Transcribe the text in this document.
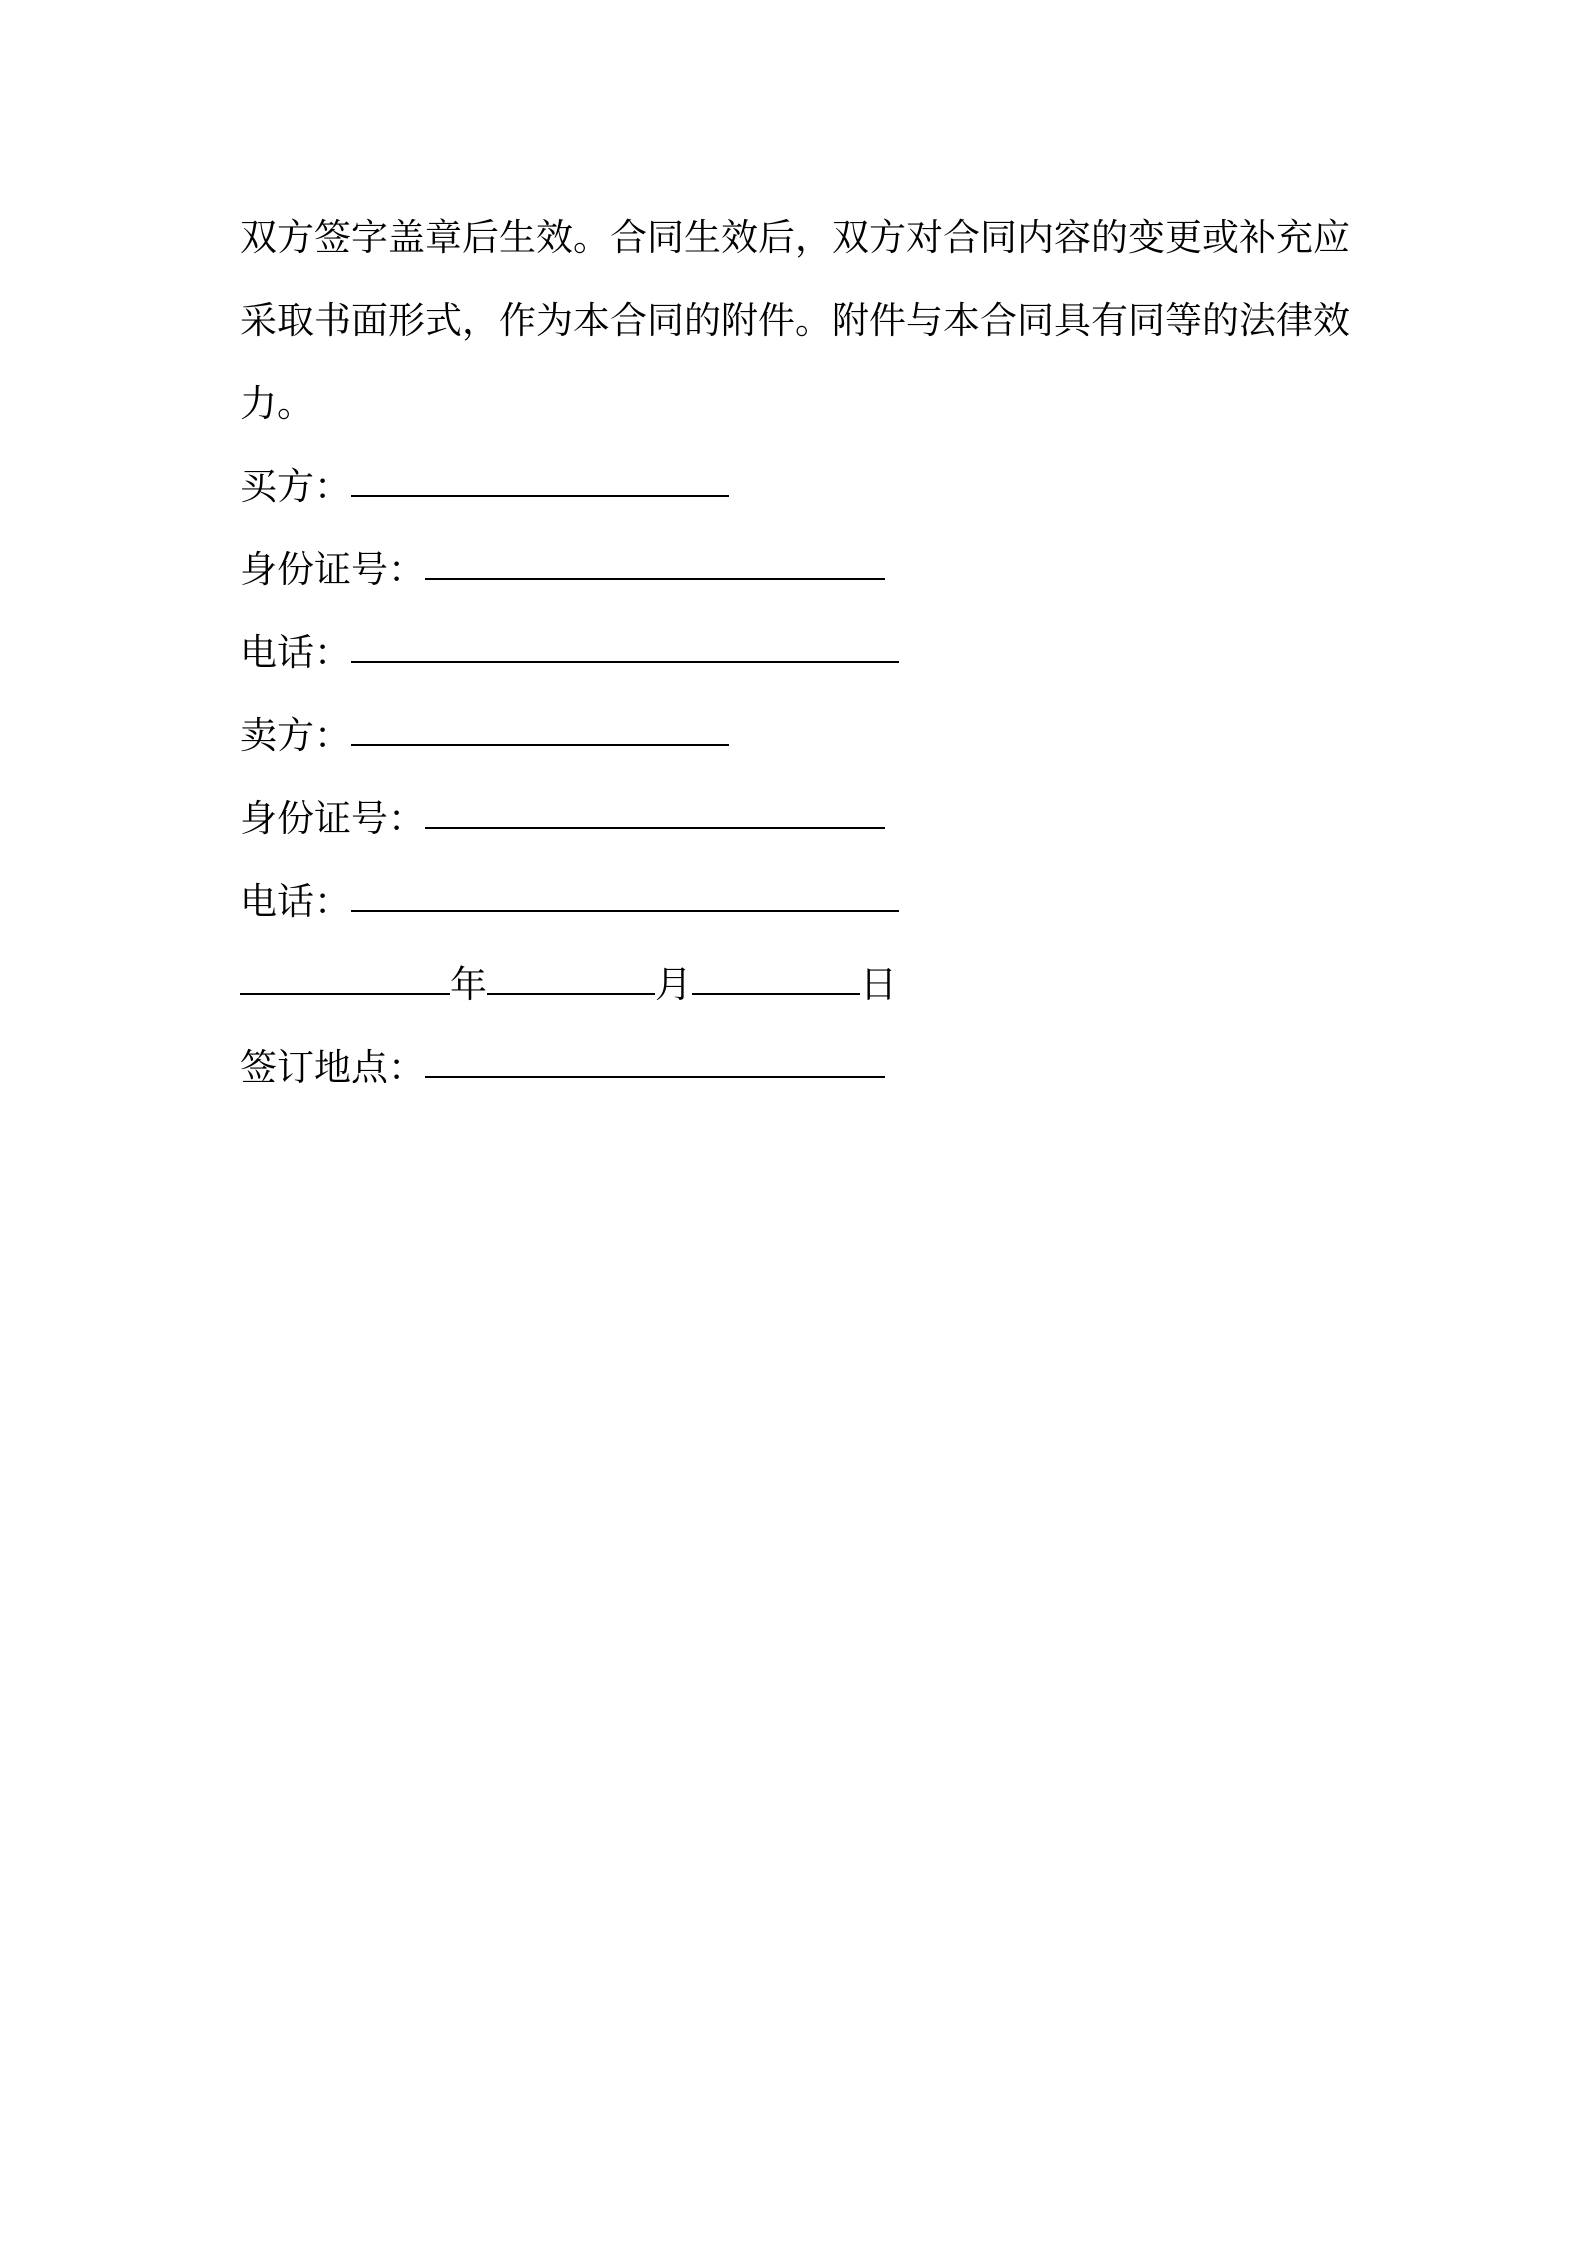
双方签字盖章后生效。合同生效后，双方对合同内容的变更或补充应采取书面形式，作为本合同的附件。附件与本合同具有同等的法律效力。

买方：
身份证号：
电话：
卖方：
身份证号：
电话：
年	月	日
签订地点：
